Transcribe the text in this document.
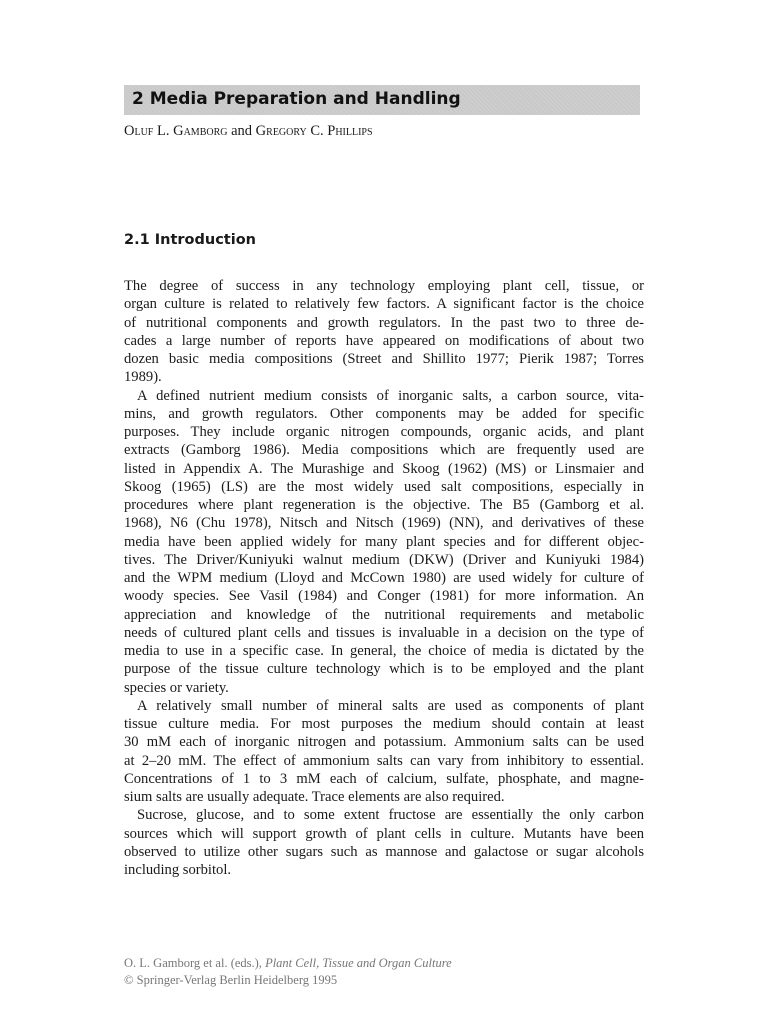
2 Media Preparation and Handling
Oluf L. Gamborg and Gregory C. Phillips
2.1 Introduction
The degree of success in any technology employing plant cell, tissue, or
organ culture is related to relatively few factors. A significant factor is the choice
of nutritional components and growth regulators. In the past two to three de-
cades a large number of reports have appeared on modifications of about two
dozen basic media compositions (Street and Shillito 1977; Pierik 1987; Torres
1989).
A defined nutrient medium consists of inorganic salts, a carbon source, vita-
mins, and growth regulators. Other components may be added for specific
purposes. They include organic nitrogen compounds, organic acids, and plant
extracts (Gamborg 1986). Media compositions which are frequently used are
listed in Appendix A. The Murashige and Skoog (1962) (MS) or Linsmaier and
Skoog (1965) (LS) are the most widely used salt compositions, especially in
procedures where plant regeneration is the objective. The B5 (Gamborg et al.
1968), N6 (Chu 1978), Nitsch and Nitsch (1969) (NN), and derivatives of these
media have been applied widely for many plant species and for different objec-
tives. The Driver/Kuniyuki walnut medium (DKW) (Driver and Kuniyuki 1984)
and the WPM medium (Lloyd and McCown 1980) are used widely for culture of
woody species. See Vasil (1984) and Conger (1981) for more information. An
appreciation and knowledge of the nutritional requirements and metabolic
needs of cultured plant cells and tissues is invaluable in a decision on the type of
media to use in a specific case. In general, the choice of media is dictated by the
purpose of the tissue culture technology which is to be employed and the plant
species or variety.
A relatively small number of mineral salts are used as components of plant
tissue culture media. For most purposes the medium should contain at least
30 mM each of inorganic nitrogen and potassium. Ammonium salts can be used
at 2–20 mM. The effect of ammonium salts can vary from inhibitory to essential.
Concentrations of 1 to 3 mM each of calcium, sulfate, phosphate, and magne-
sium salts are usually adequate. Trace elements are also required.
Sucrose, glucose, and to some extent fructose are essentially the only carbon
sources which will support growth of plant cells in culture. Mutants have been
observed to utilize other sugars such as mannose and galactose or sugar alcohols
including sorbitol.
O. L. Gamborg et al. (eds.), Plant Cell, Tissue and Organ Culture
© Springer-Verlag Berlin Heidelberg 1995
